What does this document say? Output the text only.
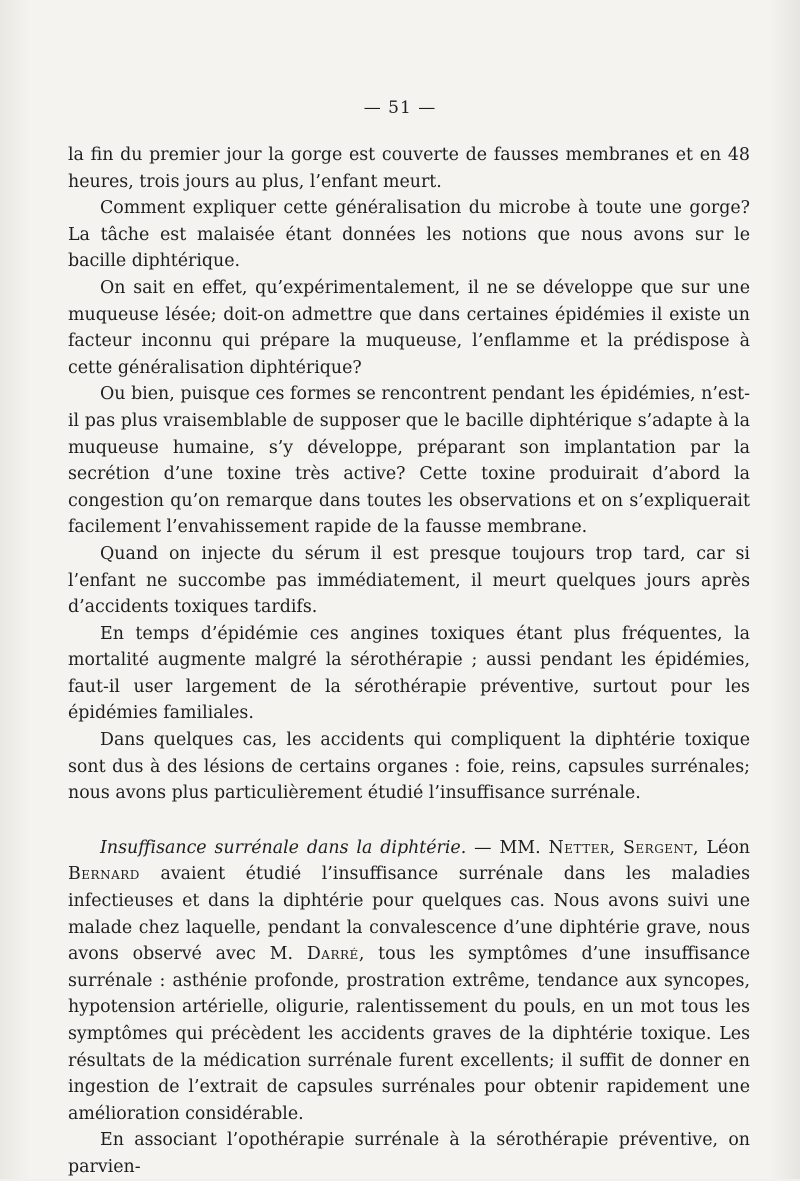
— 51 —

la fin du premier jour la gorge est couverte de fausses membranes et en 48 heures, trois jours au plus, l’enfant meurt.

Comment expliquer cette généralisation du microbe à toute une gorge? La tâche est malaisée étant données les notions que nous avons sur le bacille diphtérique.

On sait en effet, qu’expérimentalement, il ne se développe que sur une muqueuse lésée; doit-on admettre que dans certaines épidémies il existe un facteur inconnu qui prépare la muqueuse, l’enflamme et la prédispose à cette généralisation diphtérique?

Ou bien, puisque ces formes se rencontrent pendant les épidémies, n’est-il pas plus vraisemblable de supposer que le bacille diphtérique s’adapte à la muqueuse humaine, s’y développe, préparant son implantation par la secrétion d’une toxine très active? Cette toxine produirait d’abord la congestion qu’on remarque dans toutes les observations et on s’expliquerait facilement l’envahissement rapide de la fausse membrane.

Quand on injecte du sérum il est presque toujours trop tard, car si l’enfant ne succombe pas immédiatement, il meurt quelques jours après d’accidents toxiques tardifs.

En temps d’épidémie ces angines toxiques étant plus fréquentes, la mortalité augmente malgré la sérothérapie ; aussi pendant les épidémies, faut-il user largement de la sérothérapie préventive, surtout pour les épidémies familiales.

Dans quelques cas, les accidents qui compliquent la diphtérie toxique sont dus à des lésions de certains organes : foie, reins, capsules surrénales; nous avons plus particulièrement étudié l’insuffisance surrénale.

Insuffisance surrénale dans la diphtérie. — MM. Netter, Sergent, Léon Bernard avaient étudié l’insuffisance surrénale dans les maladies infectieuses et dans la diphtérie pour quelques cas. Nous avons suivi une malade chez laquelle, pendant la convalescence d’une diphtérie grave, nous avons observé avec M. Darré, tous les symptômes d’une insuffisance surrénale : asthénie profonde, prostration extrême, tendance aux syncopes, hypotension artérielle, oligurie, ralentissement du pouls, en un mot tous les symptômes qui précèdent les accidents graves de la diphtérie toxique. Les résultats de la médication surrénale furent excellents; il suffit de donner en ingestion de l’extrait de capsules surrénales pour obtenir rapidement une amélioration considérable.

En associant l’opothérapie surrénale à la sérothérapie préventive, on parvien-
